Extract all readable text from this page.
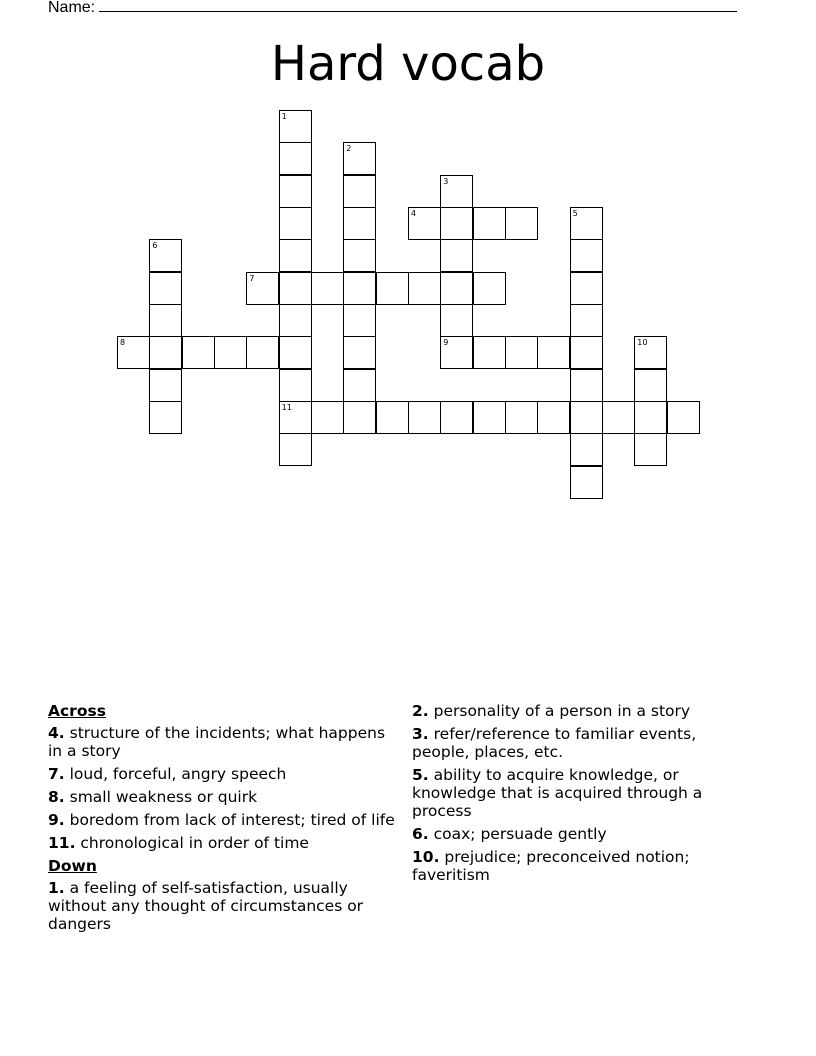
Name:
Hard vocab
1
11
2
3
9
4	5
6
7
8	10
Across
4. structure of the incidents; what happens in a story
7. loud, forceful, angry speech
8. small weakness or quirk
9. boredom from lack of interest; tired of life
11. chronological in order of time
Down
1. a feeling of self-satisfaction, usually without any thought of circumstances or dangers
2. personality of a person in a story
3. refer/reference to familiar events, people, places, etc.
5. ability to acquire knowledge, or knowledge that is acquired through a process
6. coax; persuade gently
10. prejudice; preconceived notion; faveritism
